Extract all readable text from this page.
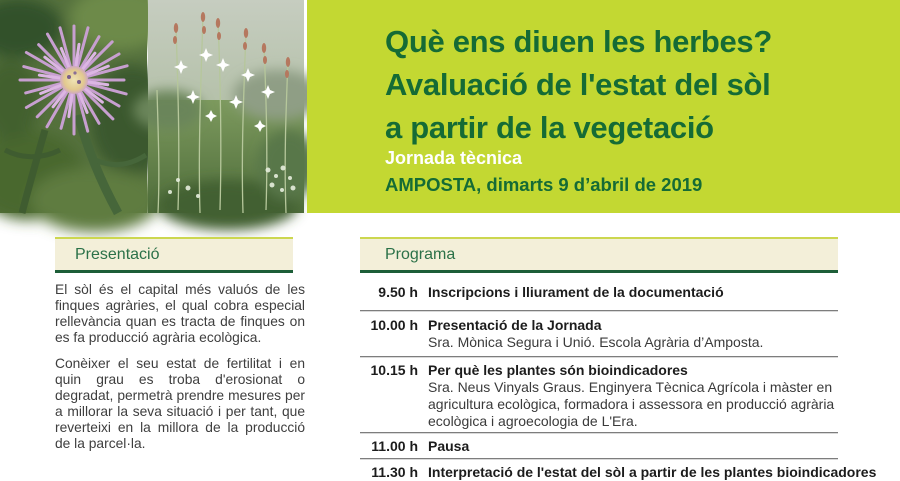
Què ens diuen les herbes?
Avaluació de l'estat del sòl
a partir de la vegetació
Jornada tècnica
AMPOSTA, dimarts 9 d’abril de 2019
Presentació

El sòl és el capital més valuós de les finques agràries, el qual cobra especial rellevància quan es tracta de finques on es fa producció agrària ecològica.

Conèixer el seu estat de fertilitat i en quin grau es troba d'erosionat o degradat, permetrà prendre mesures per a millorar la seva situació i per tant, que reverteixi en la millora de la producció de la parcel·la.

Programa
9.50 h Inscripcions i lliurament de la documentació
10.00 h Presentació de la Jornada
Sra. Mònica Segura i Unió. Escola Agrària d’Amposta.
10.15 h Per què les plantes són bioindicadores
Sra. Neus Vinyals Graus. Enginyera Tècnica Agrícola i màster en agricultura ecològica, formadora i assessora en producció agrària ecològica i agroecologia de L'Era.
11.00 h Pausa
11.30 h Interpretació de l'estat del sòl a partir de les plantes bioindicadores
